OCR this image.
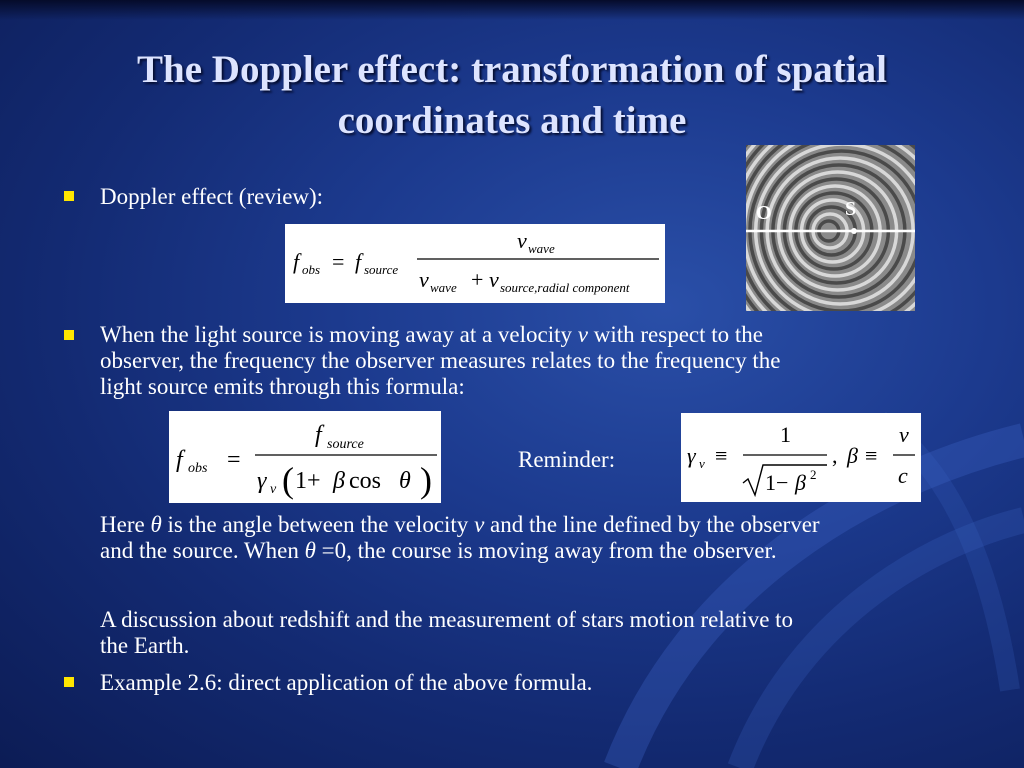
The Doppler effect: transformation of spatial
coordinates and time
Doppler effect (review):
f obs = f source
v wave
v wave + v source,radial component
O	S
When the light source is moving away at a velocity v with respect to the
observer, the frequency the observer measures relates to the frequency the
light source emits through this formula:
f obs =
f source
γ v ( 1+ β cos θ )
Reminder:	γ v ≡
1
1− β 2
, β ≡
v
c
Here θ is the angle between the velocity v and the line defined by the observer
and the source. When θ =0, the course is moving away from the observer.
A discussion about redshift and the measurement of stars motion relative to
the Earth.
Example 2.6: direct application of the above formula.
